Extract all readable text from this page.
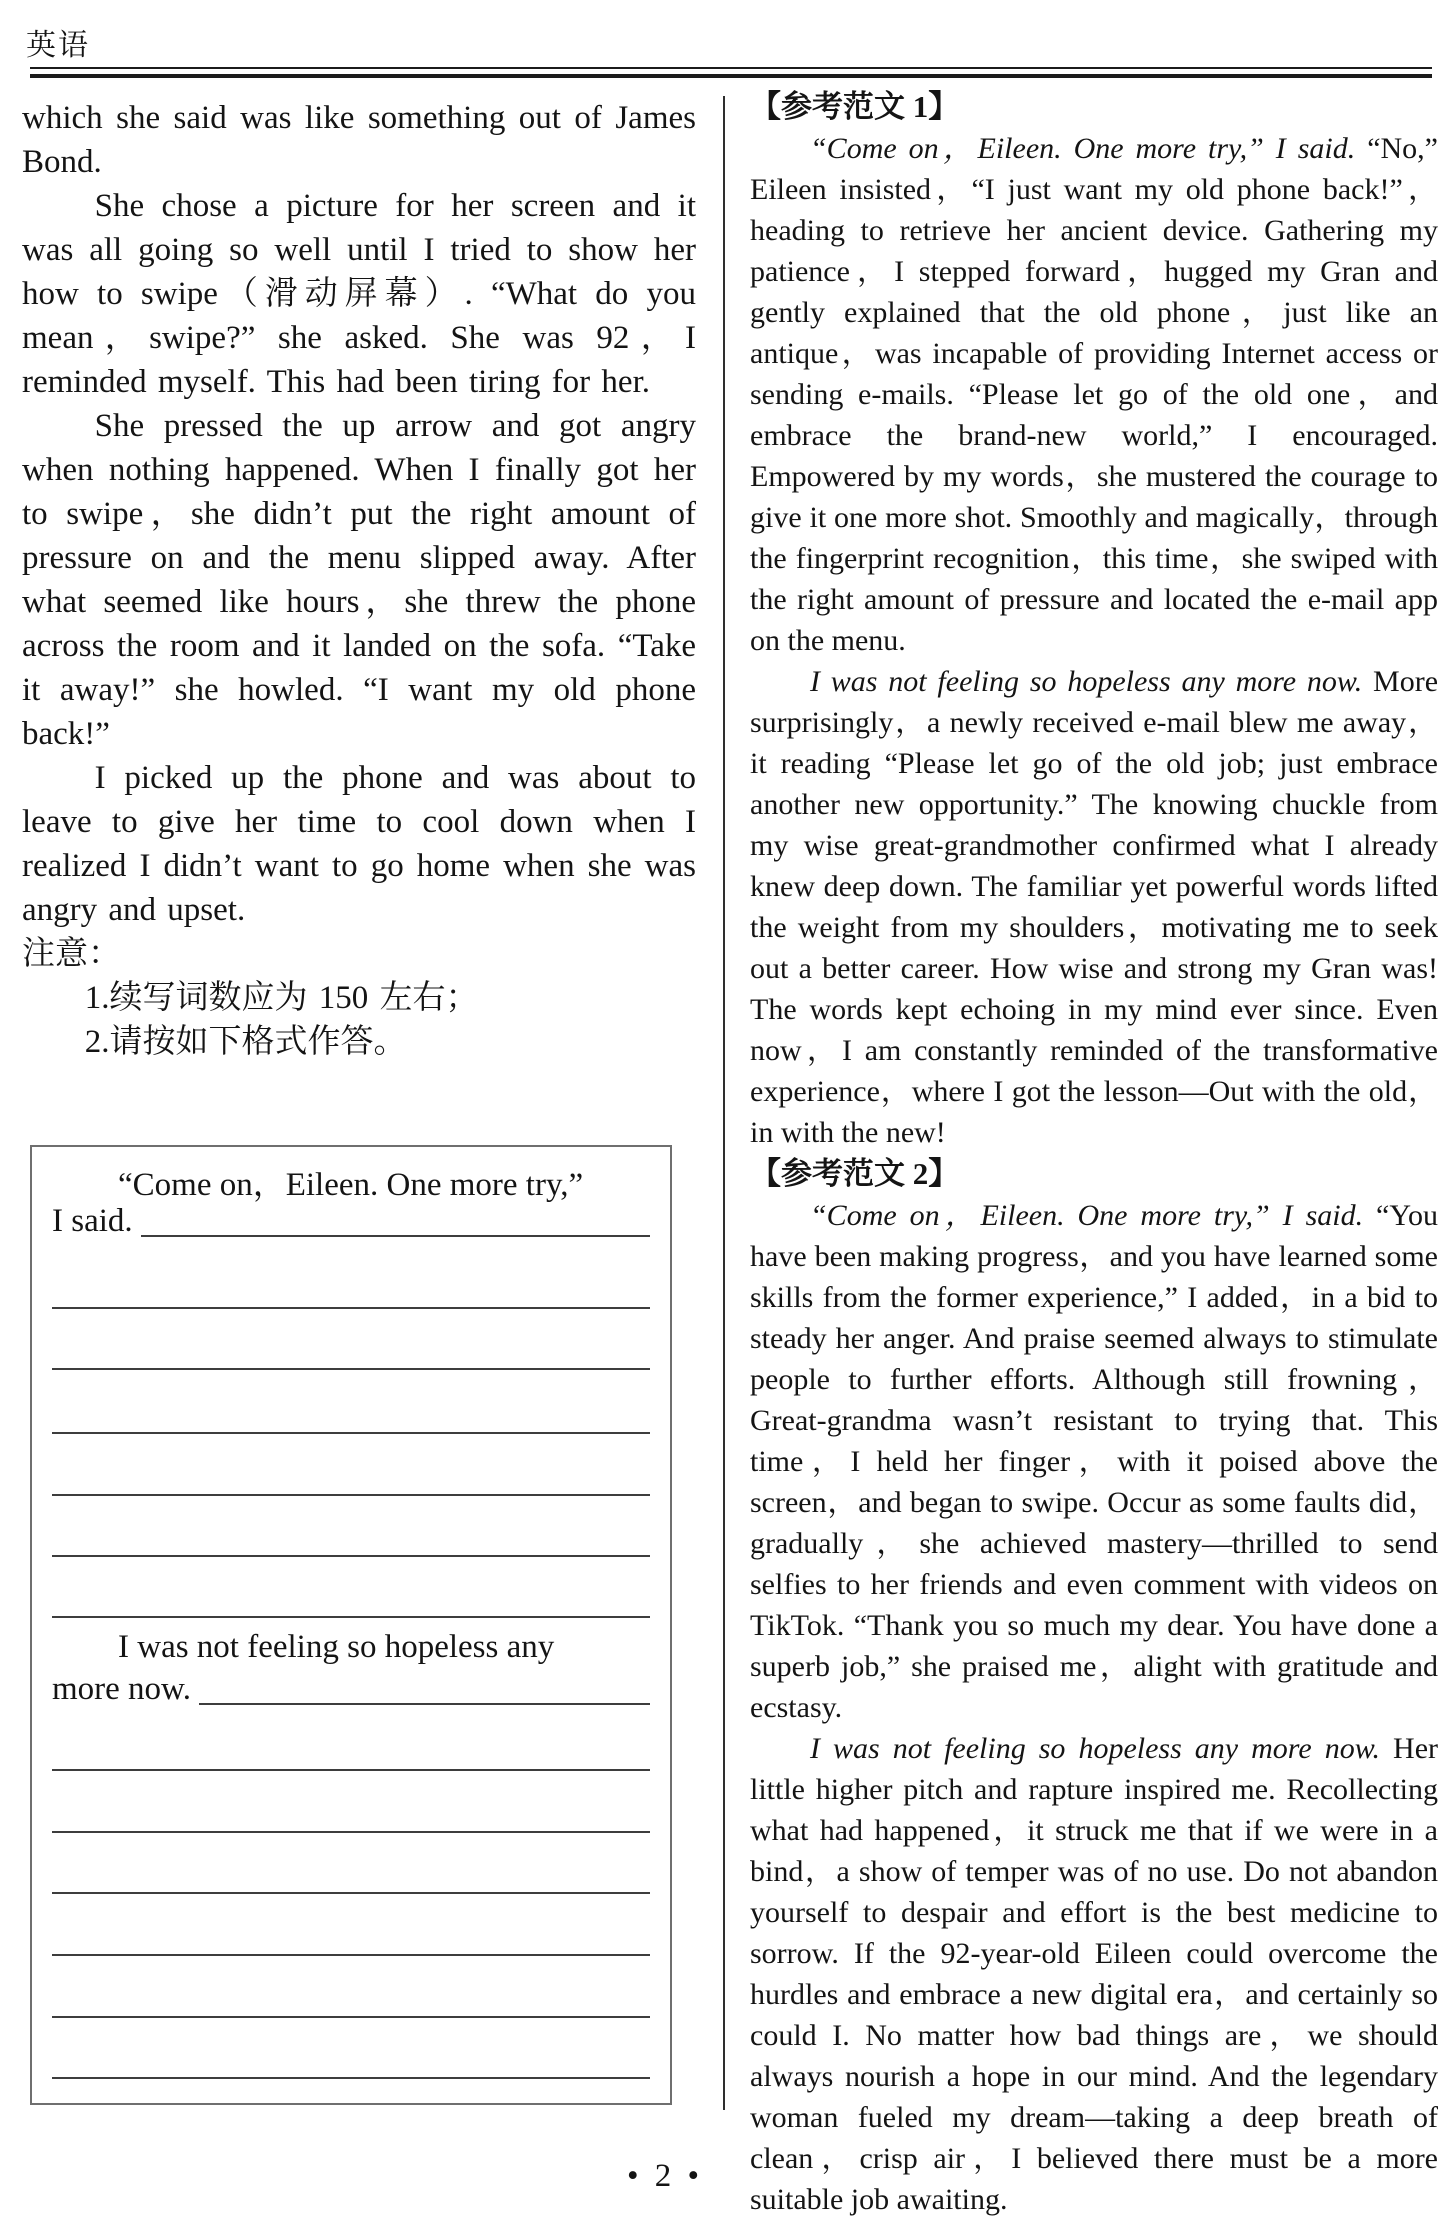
英语

which she said was like something out of James Bond.

She chose a picture for her screen and it was all going so well until I tried to show her how to swipe（滑动屏幕）. “What do you mean，swipe?” she asked. She was 92，I reminded myself. This had been tiring for her.

She pressed the up arrow and got angry when nothing happened. When I finally got her to swipe，she didn’t put the right amount of pressure on and the menu slipped away. After what seemed like hours，she threw the phone across the room and it landed on the sofa. “Take it away!” she howled. “I want my old phone back!”

I picked up the phone and was about to leave to give her time to cool down when I realized I didn’t want to go home when she was angry and upset.

注意：

1.续写词数应为 150 左右；

2.请按如下格式作答。

“Come on，Eileen. One more try,”
I said.
I was not feeling so hopeless any
more now.

【参考范文 1】

“Come on，Eileen. One more try,” I said. “No,” Eileen insisted，“I just want my old phone back!”，heading to retrieve her ancient device. Gathering my patience，I stepped forward，hugged my Gran and gently explained that the old phone，just like an antique，was incapable of providing Internet access or sending e-mails. “Please let go of the old one，and embrace the brand-new world,” I encouraged. Empowered by my words，she mustered the courage to give it one more shot. Smoothly and magically，through the fingerprint recognition，this time，she swiped with the right amount of pressure and located the e-mail app on the menu.

I was not feeling so hopeless any more now. More surprisingly，a newly received e-mail blew me away，it reading “Please let go of the old job; just embrace another new opportunity.” The knowing chuckle from my wise great-grandmother confirmed what I already knew deep down. The familiar yet powerful words lifted the weight from my shoulders，motivating me to seek out a better career. How wise and strong my Gran was! The words kept echoing in my mind ever since. Even now，I am constantly reminded of the transformative experience，where I got the lesson—Out with the old，in with the new!

【参考范文 2】

“Come on，Eileen. One more try,” I said. “You have been making progress，and you have learned some skills from the former experience,” I added，in a bid to steady her anger. And praise seemed always to stimulate people to further efforts. Although still frowning，Great-grandma wasn’t resistant to trying that. This time，I held her finger，with it poised above the screen，and began to swipe. Occur as some faults did，gradually，she achieved mastery—thrilled to send selfies to her friends and even comment with videos on TikTok. “Thank you so much my dear. You have done a superb job,” she praised me，alight with gratitude and ecstasy.

I was not feeling so hopeless any more now. Her little higher pitch and rapture inspired me. Recollecting what had happened，it struck me that if we were in a bind，a show of temper was of no use. Do not abandon yourself to despair and effort is the best medicine to sorrow. If the 92-year-old Eileen could overcome the hurdles and embrace a new digital era，and certainly so could I. No matter how bad things are，we should always nourish a hope in our mind. And the legendary woman fueled my dream—taking a deep breath of clean，crisp air，I believed there must be a more suitable job awaiting.

• 2 •
